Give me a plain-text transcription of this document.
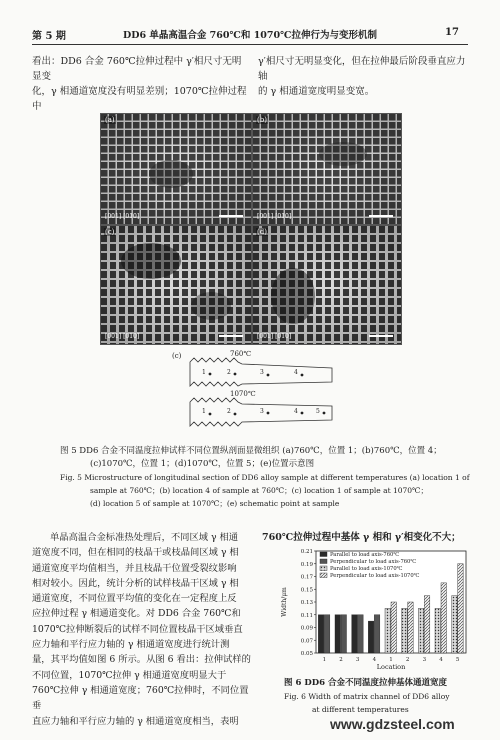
第 5 期	DD6 单晶高温合金 760℃和 1070℃拉伸行为与变形机制	17
看出：DD6 合金 760℃拉伸过程中 γ′相尺寸无明显变
化，γ 相通道宽度没有明显差别；1070℃拉伸过程中
γ′相尺寸无明显变化，但在拉伸最后阶段垂直应力轴
的 γ 相通道宽度明显变宽。
(a)
[001] [010]
(b)
[001] [010]
(c)
[001] [010]
(d)
[001] [010]
(c)	760℃
1070℃
1	2	3	4
1	2	3	4	5
图 5 DD6 合金不同温度拉伸试样不同位置纵剖面显微组织 (a)760℃，位置 1；(b)760℃，位置 4；
(c)1070℃，位置 1；(d)1070℃，位置 5；(e)位置示意图
Fig. 5 Microstructure of longitudinal section of DD6 alloy sample at different temperatures (a) location 1 of
sample at 760℃；(b) location 4 of sample at 760℃；(c) location 1 of sample at 1070℃；
(d) location 5 of sample at 1070℃；(e) schematic point at sample
单晶高温合金标准热处理后，不同区域 γ 相通
道宽度不同，但在相同的枝晶干或枝晶间区域 γ 相
通道宽度平均值相当，并且枝晶干位置受裂纹影响
相对较小。因此，统计分析的试样枝晶干区域 γ 相
通道宽度，不同位置平均值的变化在一定程度上反
应拉伸过程 γ 相通道变化。对 DD6 合金 760℃和
1070℃拉伸断裂后的试样不同位置枝晶干区域垂直
应力轴和平行应力轴的 γ 相通道宽度进行统计测
量，其平均值如图 6 所示。从图 6 看出：拉伸试样的
不同位置，1070℃拉伸 γ 相通道宽度明显大于
760℃拉伸 γ 相通道宽度；760℃拉伸时，不同位置垂
直应力轴和平行应力轴的 γ 相通道宽度相当，表明
760℃拉伸过程中基体 γ 相和 γ′相变化不大；
0.05
0.07
0.09
0.11
0.13
0.15
0.17
0.19
0.21
Width/μm
Location
1 2 3 4 1 2 3 4 5
Parallel to load axis-760℃
Perpendicular to load axis-760℃
Parallel to load axis-1070℃
Perpendicular to load axis-1070℃
图 6 DD6 合金不同温度拉伸基体通道宽度
Fig. 6 Width of matrix channel of DD6 alloy
at different temperatures
www.gdzsteel.com
